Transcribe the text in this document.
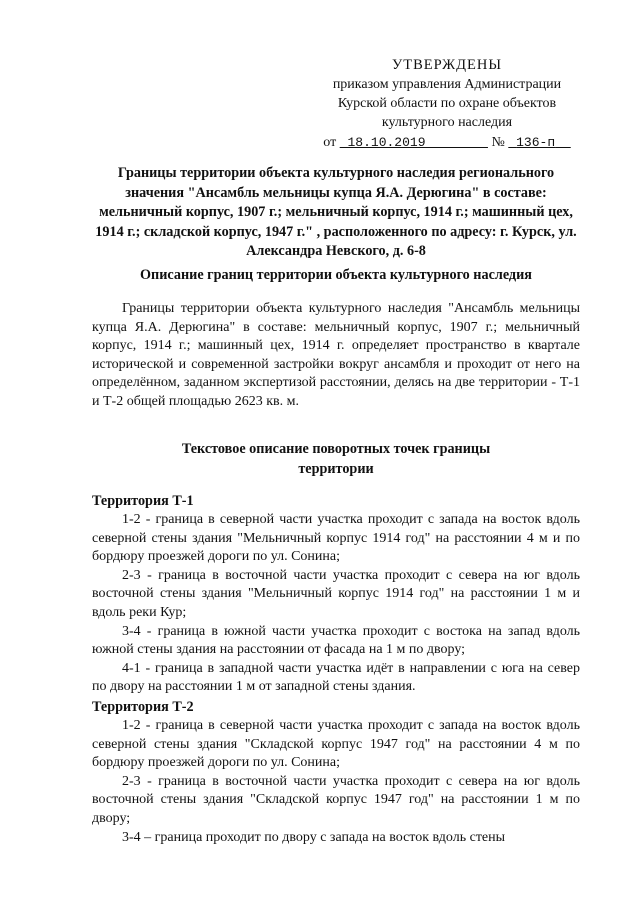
УТВЕРЖДЕНЫ
приказом управления Администрации
Курской области по охране объектов
культурного наследия
от 18.10.2019	№ 136-п
Границы территории объекта культурного наследия регионального значения "Ансамбль мельницы купца Я.А. Дерюгина" в составе: мельничный корпус, 1907 г.; мельничный корпус, 1914 г.; машинный цех, 1914 г.; складской корпус, 1947 г." , расположенного по адресу: г. Курск, ул. Александра Невского, д. 6-8
Описание границ территории объекта культурного наследия

Границы территории объекта культурного наследия "Ансамбль мельницы купца Я.А. Дерюгина" в составе: мельничный корпус, 1907 г.; мельничный корпус, 1914 г.; машинный цех, 1914 г. определяет пространство в квартале исторической и современной застройки вокруг ансамбля и проходит от него на определённом, заданном экспертизой расстоянии, делясь на две территории - Т-1 и Т-2 общей площадью 2623 кв. м.

Текстовое описание поворотных точек границы
территории
Территория Т-1

1-2 - граница в северной части участка проходит с запада на восток вдоль северной стены здания "Мельничный корпус 1914 год" на расстоянии 4 м и по бордюру проезжей дороги по ул. Сонина;

2-3 - граница в восточной части участка проходит с севера на юг вдоль восточной стены здания "Мельничный корпус 1914 год" на расстоянии 1 м и вдоль реки Кур;

3-4 - граница в южной части участка проходит с востока на запад вдоль южной стены здания на расстоянии от фасада на 1 м по двору;

4-1 - граница в западной части участка идёт в направлении с юга на север по двору на расстоянии 1 м от западной стены здания.

Территория Т-2

1-2 - граница в северной части участка проходит с запада на восток вдоль северной стены здания "Складской корпус 1947 год" на расстоянии 4 м по бордюру проезжей дороги по ул. Сонина;

2-3 - граница в восточной части участка проходит с севера на юг вдоль восточной стены здания "Складской корпус 1947 год" на расстоянии 1 м по двору;

3-4 – граница проходит по двору с запада на восток вдоль стены
